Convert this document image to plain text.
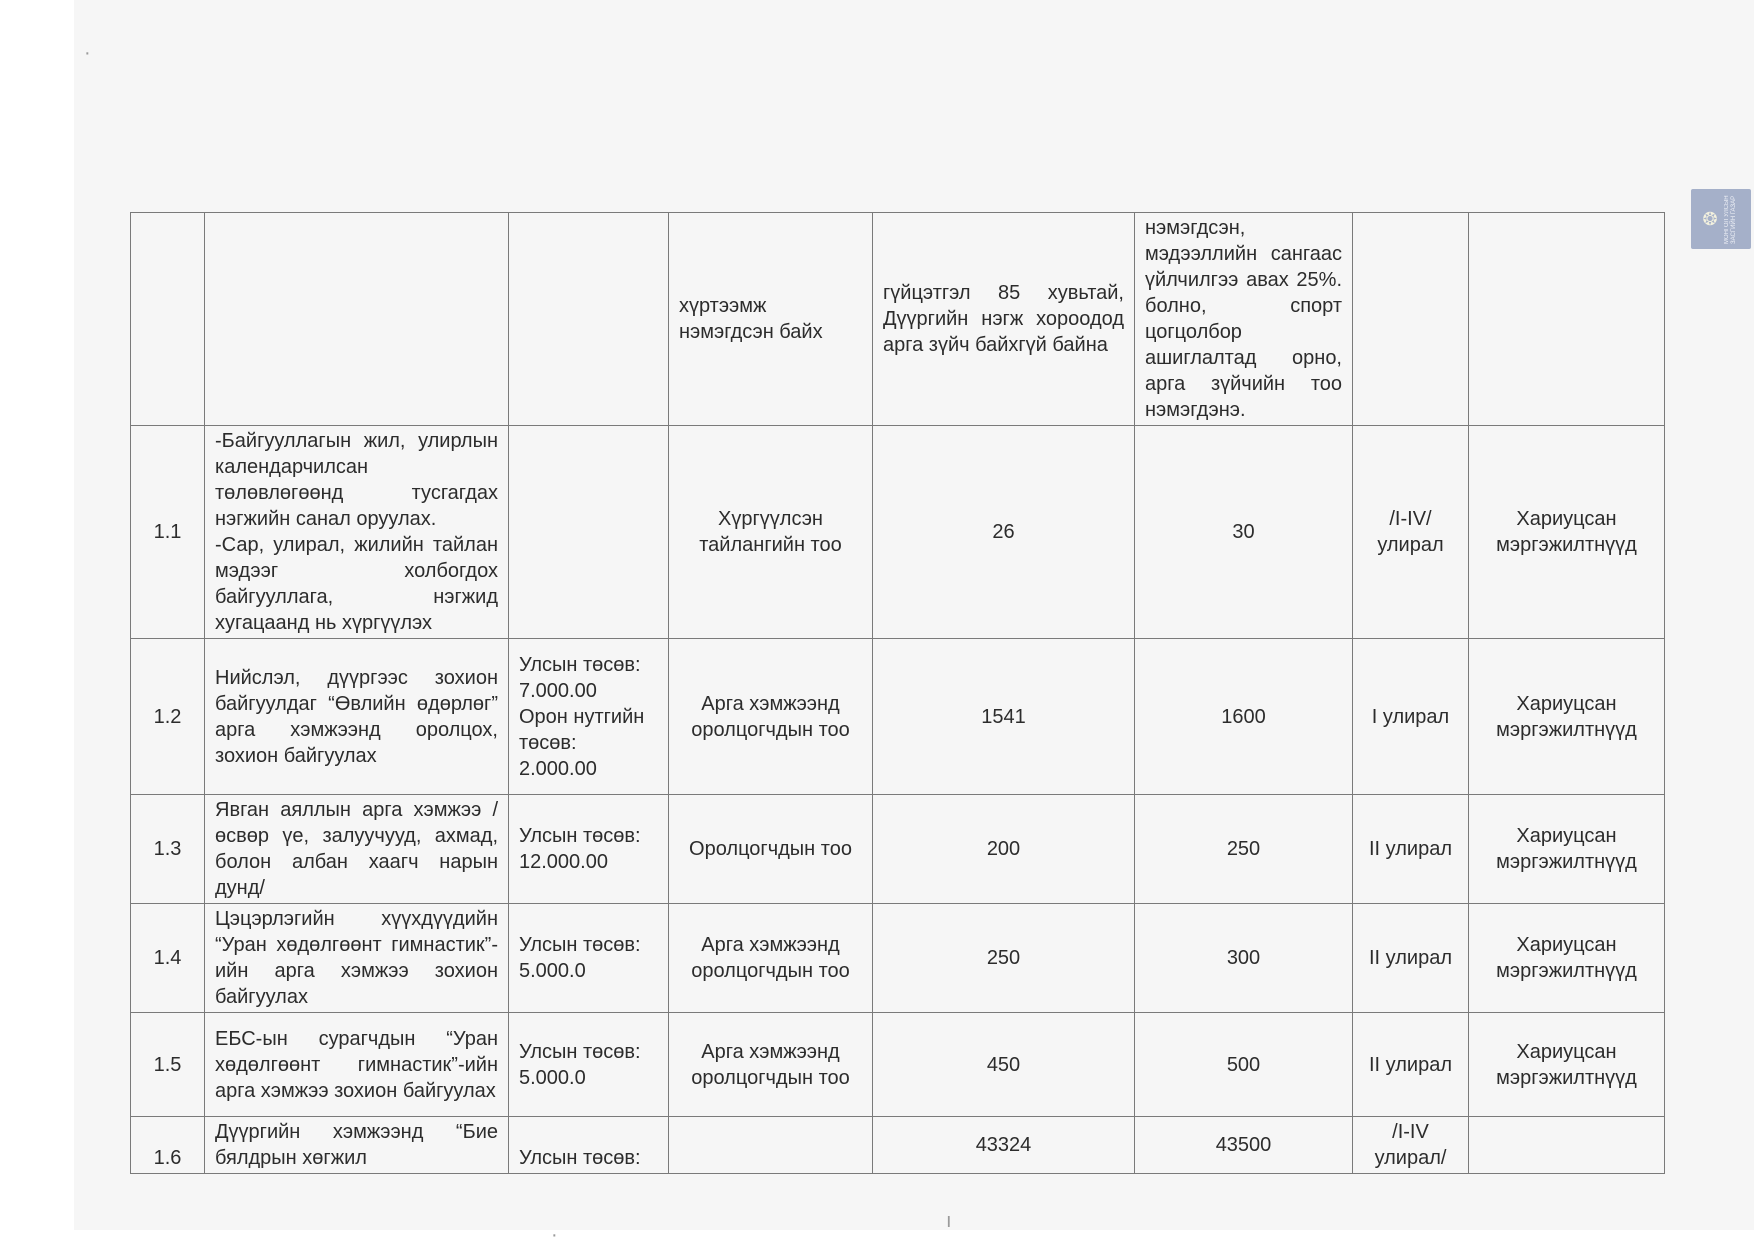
❂	МОНГОЛ УЛСЫН ЗАСГИЙН ГАЗАР
·
ı
·
			хүртээмж нэмэгдсэн байх	гүйцэтгэл 85 хувьтай, Дүүргийн нэгж хороодод арга зүйч байхгүй байна	нэмэгдсэн, мэдээллийн сангаас үйлчилгээ авах 25%. болно, спорт цогцолбор ашиглалтад орно, арга зүйчийн тоо нэмэгдэнэ.		
1.1	-Байгууллагын жил, улирлын календарчилсан төлөвлөгөөнд тусгагдах нэгжийн санал оруулах.
-Сар, улирал, жилийн тайлан мэдээг холбогдох байгууллага, нэгжид хугацаанд нь хүргүүлэх		Хүргүүлсэн тайлангийн тоо	26	30	/I-IV/ улирал	Хариуцсан мэргэжилтнүүд
1.2	Нийслэл, дүүргээс зохион байгуулдаг “Өвлийн өдөрлөг” арга хэмжээнд оролцох, зохион байгуулах	Улсын төсөв: 7.000.00
Орон нутгийн төсөв: 2.000.00	Арга хэмжээнд оролцогчдын тоо	1541	1600	I улирал	Хариуцсан мэргэжилтнүүд
1.3	Явган аяллын арга хэмжээ /өсвөр үе, залуучууд, ахмад, болон албан хаагч нарын дунд/	Улсын төсөв: 12.000.00	Оролцогчдын тоо	200	250	II улирал	Хариуцсан мэргэжилтнүүд
1.4	Цэцэрлэгийн хүүхдүүдийн “Уран хөдөлгөөнт гимнастик”-ийн арга хэмжээ зохион байгуулах	Улсын төсөв: 5.000.0	Арга хэмжээнд оролцогчдын тоо	250	300	II улирал	Хариуцсан мэргэжилтнүүд
1.5	ЕБС-ын сурагчдын “Уран хөдөлгөөнт гимнастик”-ийн арга хэмжээ зохион байгуулах	Улсын төсөв: 5.000.0	Арга хэмжээнд оролцогчдын тоо	450	500	II улирал	Хариуцсан мэргэжилтнүүд
1.6	Дүүргийн хэмжээнд “Бие бялдрын хөгжил	Улсын төсөв:		43324	43500	/I-IV улирал/	
